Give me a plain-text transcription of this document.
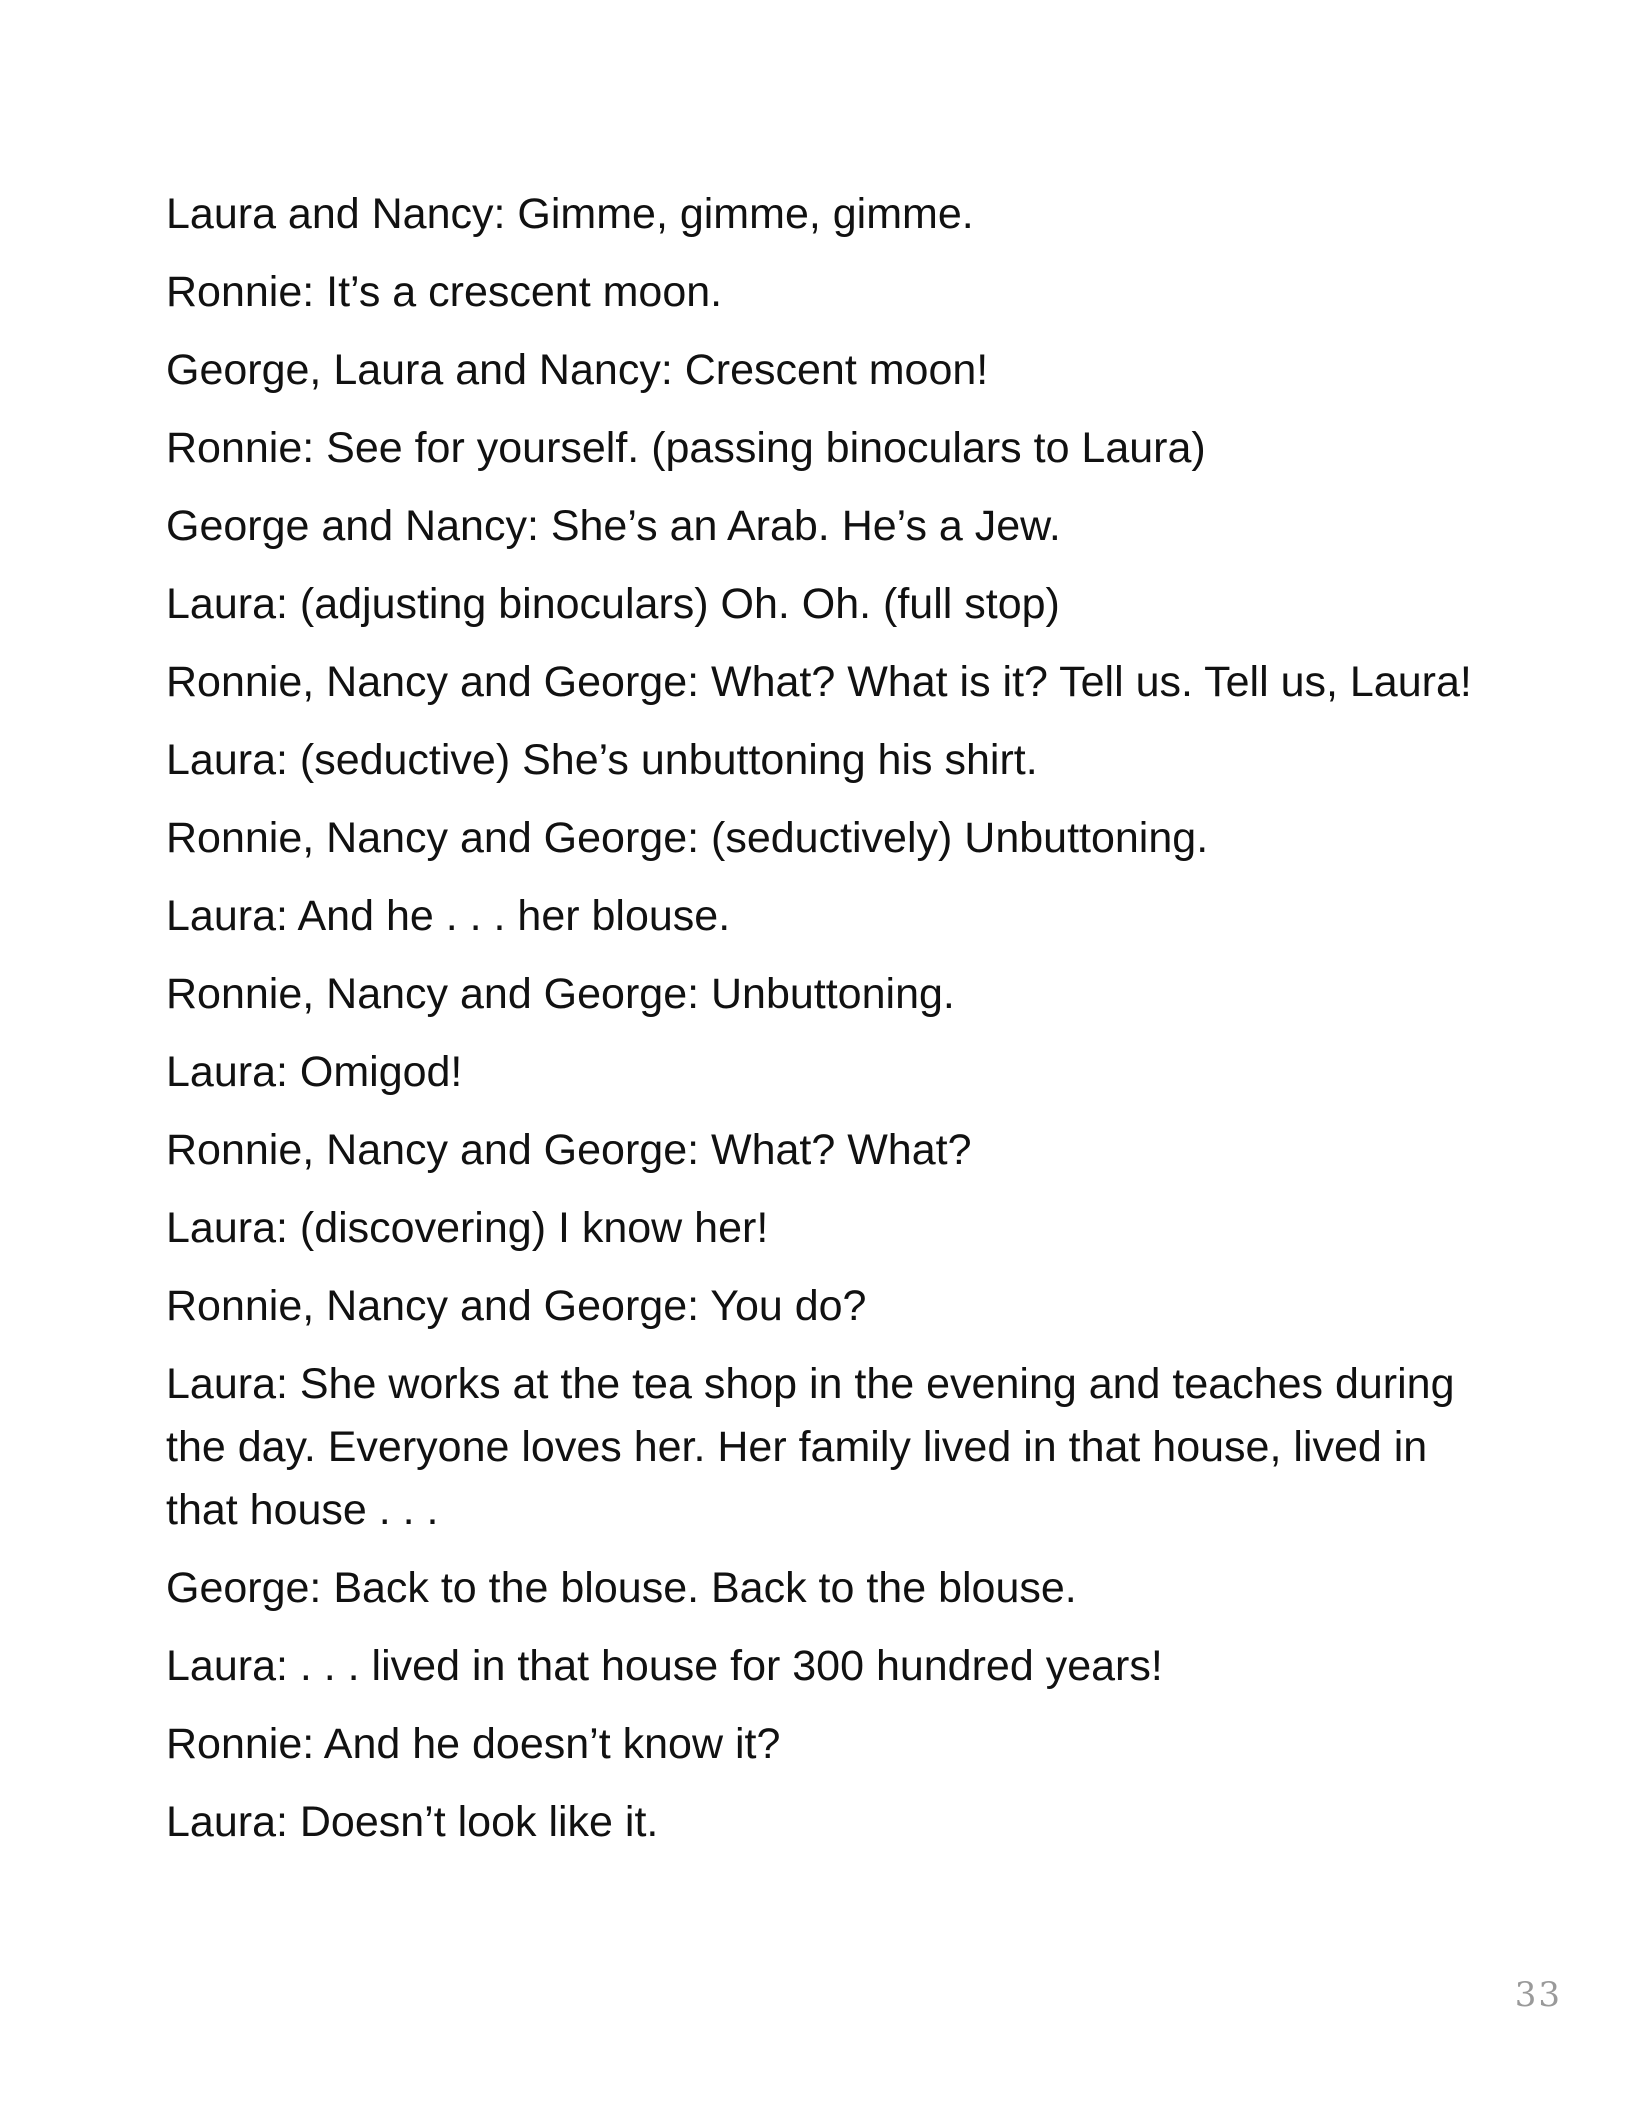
Laura and Nancy: Gimme, gimme, gimme.

Ronnie: It’s a crescent moon.

George, Laura and Nancy: Crescent moon!

Ronnie: See for yourself. (passing binoculars to Laura)

George and Nancy: She’s an Arab. He’s a Jew.

Laura: (adjusting binoculars) Oh. Oh. (full stop)

Ronnie, Nancy and George: What? What is it? Tell us. Tell us, Laura!

Laura: (seductive) She’s unbuttoning his shirt.

Ronnie, Nancy and George: (seductively) Unbuttoning.

Laura: And he . . . her blouse.

Ronnie, Nancy and George: Unbuttoning.

Laura: Omigod!

Ronnie, Nancy and George: What? What?

Laura: (discovering) I know her!

Ronnie, Nancy and George: You do?

Laura: She works at the tea shop in the evening and teaches during the day. Everyone loves her. Her family lived in that house, lived in that house . . .

George: Back to the blouse. Back to the blouse.

Laura: . . . lived in that house for 300 hundred years!

Ronnie: And he doesn’t know it?

Laura: Doesn’t look like it.

33
